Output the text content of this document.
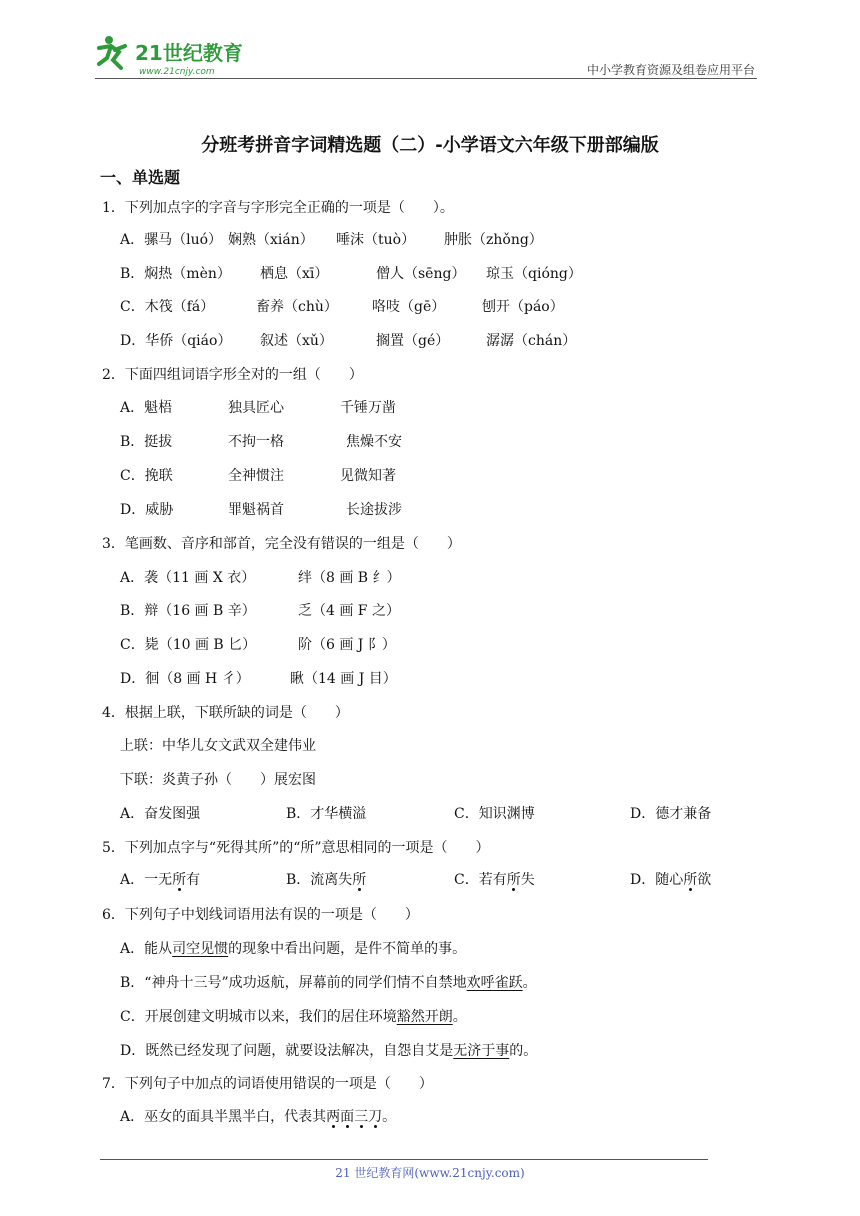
21世纪教育
www.21cnjy.com	中小学教育资源及组卷应用平台
分班考拼音字词精选题（二）-小学语文六年级下册部编版
一、单选题
1．下列加点字的字音与字形完全正确的一项是（　　）。
A．骡马（luó） 娴熟（xián） 唾沫（tuò） 肿胀（zhǒng）
B．焖热（mèn） 栖息（xī）	僧人（sēng） 琼玉（qióng）
C．木筏（fá）	畜养（chù） 咯吱（gē）	刨开（páo）
D．华侨（qiáo） 叙述（xǔ）	搁置（gé）	潺潺（chán）
2．下面四组词语字形全对的一组（　　）
A．魁梧	独具匠心	千锤万凿
B．挺拔	不拘一格	焦燥不安
C．挽联	全神惯注	见微知著
D．威胁	罪魁祸首	长途拔涉
3．笔画数、音序和部首，完全没有错误的一组是（　　）
A．袭（11 画 X 衣）	绊（8 画 B 纟）
B．辩（16 画 B 辛）	乏（4 画 F 之）
C．毙（10 画 B 匕）	阶（6 画 J 阝）
D．徊（8 画 H 彳）	瞅（14 画 J 目）
4．根据上联，下联所缺的词是（　　）
上联：中华儿女文武双全建伟业
下联：炎黄子孙（　　）展宏图
A．奋发图强	B．才华横溢	C．知识渊博	D．德才兼备
5．下列加点字与“死得其所”的“所”意思相同的一项是（　　）
A．一无所有	B．流离失所	C．若有所失	D．随心所欲
6．下列句子中划线词语用法有误的一项是（　　）
A．能从司空见惯的现象中看出问题，是件不简单的事。
B．“神舟十三号”成功返航，屏幕前的同学们情不自禁地欢呼雀跃。
C．开展创建文明城市以来，我们的居住环境豁然开朗。
D．既然已经发现了问题，就要设法解决，自怨自艾是无济于事的。
7．下列句子中加点的词语使用错误的一项是（　　）
A．巫女的面具半黑半白，代表其两面三刀。
21 世纪教育网(www.21cnjy.com)
